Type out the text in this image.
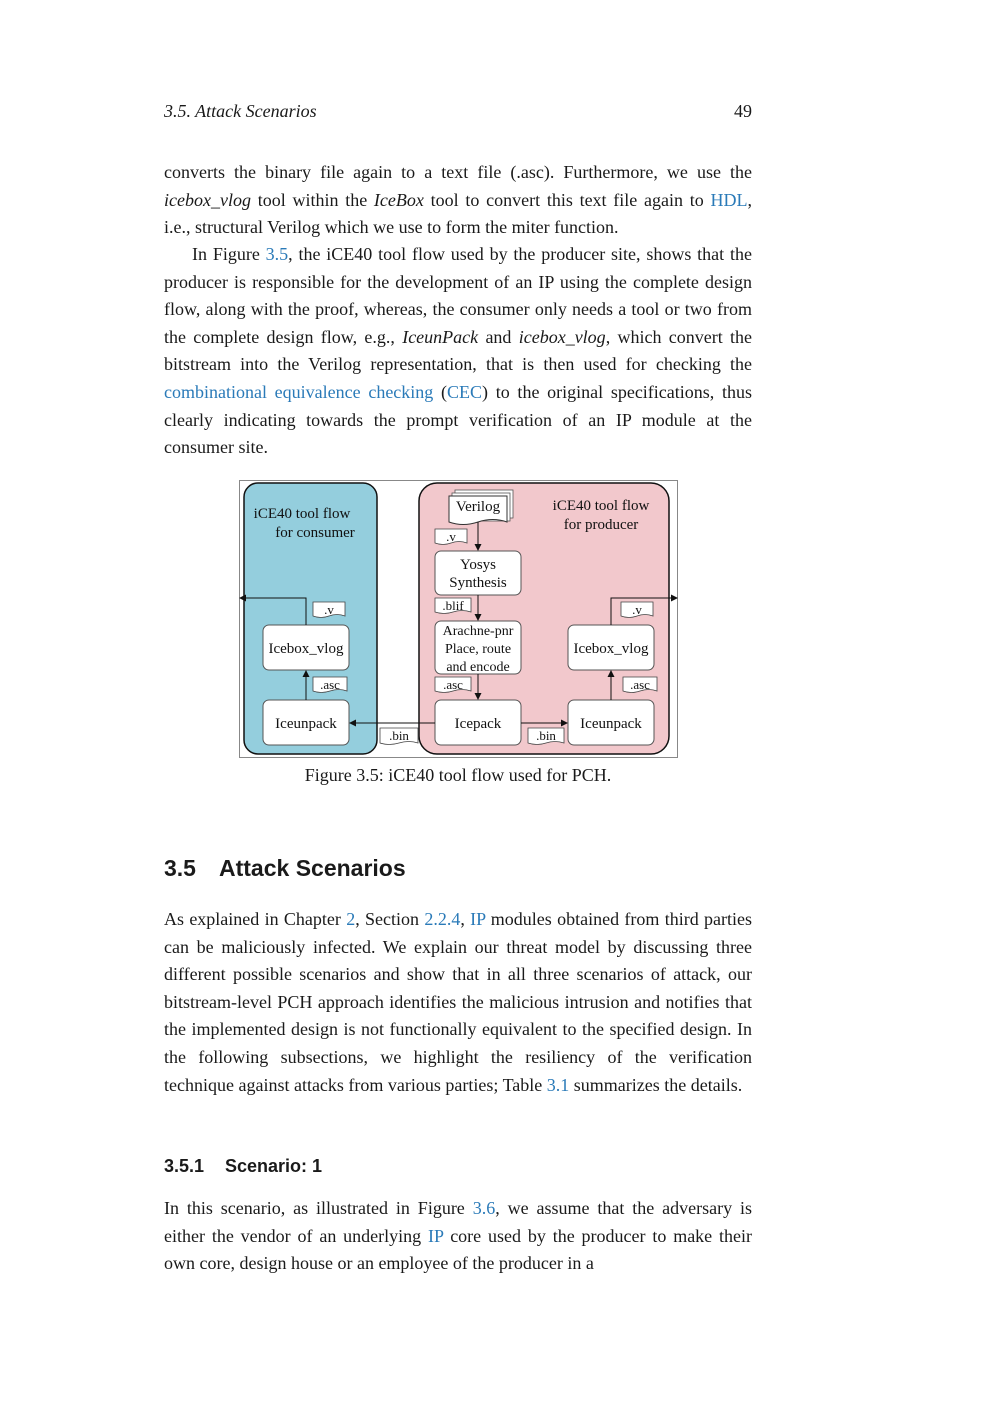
3.5. Attack Scenarios	49

converts the binary file again to a text file (.asc). Furthermore, we use the icebox_vlog tool within the IceBox tool to convert this text file again to HDL, i.e., structural Verilog which we use to form the miter function.

In Figure 3.5, the iCE40 tool flow used by the producer site, shows that the producer is responsible for the development of an IP using the complete design flow, along with the proof, whereas, the consumer only needs a tool or two from the complete design flow, e.g., IceunPack and icebox_vlog, which convert the bitstream into the Verilog representation, that is then used for checking the combinational equivalence checking (CEC) to the original specifications, thus clearly indicating towards the prompt verification of an IP module at the consumer site.

iCE40 tool flow
for consumer
iCE40 tool flow
for producer
Verilog
Yosys
Synthesis
Arachne-pnr
Place, route
and encode
Icepack	Iceunpack
Icebox_vlog
Icebox_vlog
Iceunpack
.v
.blif
.asc
.bin	.bin
.v
.asc
.v
.asc
Figure 3.5: iCE40 tool flow used for PCH.
3.5 Attack Scenarios

As explained in Chapter 2, Section 2.2.4, IP modules obtained from third parties can be maliciously infected. We explain our threat model by discussing three different possible scenarios and show that in all three scenarios of attack, our bitstream-level PCH approach identifies the malicious intrusion and notifies that the implemented design is not functionally equivalent to the specified design. In the following subsections, we highlight the resiliency of the verification technique against attacks from various parties; Table 3.1 summarizes the details.

3.5.1 Scenario: 1

In this scenario, as illustrated in Figure 3.6, we assume that the adversary is either the vendor of an underlying IP core used by the producer to make their own core, design house or an employee of the producer in a
